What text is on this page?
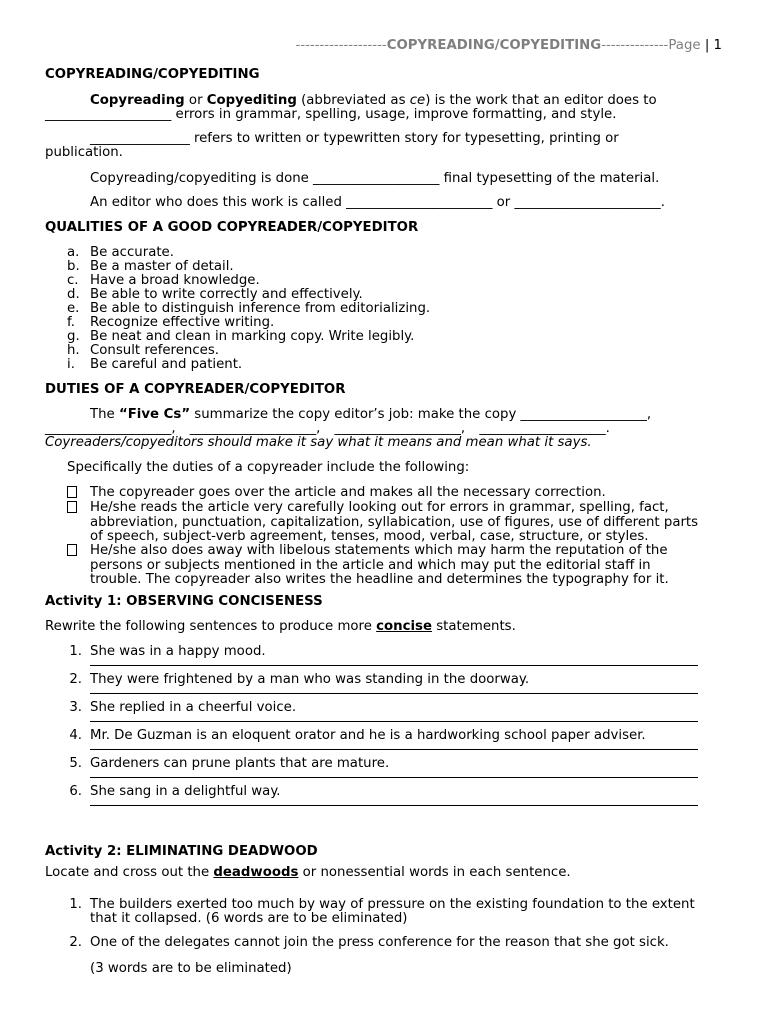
-------------------COPYREADING/COPYEDITING--------------Page | 1

COPYREADING/COPYEDITING

Copyreading or Copyediting (abbreviated as ce) is the work that an editor does to

___________________ errors in grammar, spelling, usage, improve formatting, and style.

_______________ refers to written or typewritten story for typesetting, printing or

publication.

Copyreading/copyediting is done ___________________ final typesetting of the material.

An editor who does this work is called ______________________ or ______________________.

QUALITIES OF A GOOD COPYREADER/COPYEDITOR

a. Be accurate.
b. Be a master of detail.
c. Have a broad knowledge.
d. Be able to write correctly and effectively.
e. Be able to distinguish inference from editorializing.
f.	Recognize effective writing.
g. Be neat and clean in marking copy. Write legibly.
h. Consult references.
i.	Be careful and patient.

DUTIES OF A COPYREADER/COPYEDITOR

The “Five Cs” summarize the copy editor’s job: make the copy ___________________,

___________________, ___________________, ___________________, ___________________.

Coyreaders/copyeditors should make it say what it means and mean what it says.

Specifically the duties of a copyreader include the following:

The copyreader goes over the article and makes all the necessary correction.
He/she reads the article very carefully looking out for errors in grammar, spelling, fact,
abbreviation, punctuation, capitalization, syllabication, use of figures, use of different parts
of speech, subject-verb agreement, tenses, mood, verbal, case, structure, or styles.
He/she also does away with libelous statements which may harm the reputation of the
persons or subjects mentioned in the article and which may put the editorial staff in
trouble. The copyreader also writes the headline and determines the typography for it.

Activity 1: OBSERVING CONCISENESS

Rewrite the following sentences to produce more concise statements.

1. She was in a happy mood.
2. They were frightened by a man who was standing in the doorway.
3. She replied in a cheerful voice.
4. Mr. De Guzman is an eloquent orator and he is a hardworking school paper adviser.
5. Gardeners can prune plants that are mature.
6. She sang in a delightful way.

Activity 2: ELIMINATING DEADWOOD

Locate and cross out the deadwoods or nonessential words in each sentence.

1. The builders exerted too much by way of pressure on the existing foundation to the extent
that it collapsed. (6 words are to be eliminated)
2. One of the delegates cannot join the press conference for the reason that she got sick.
(3 words are to be eliminated)
